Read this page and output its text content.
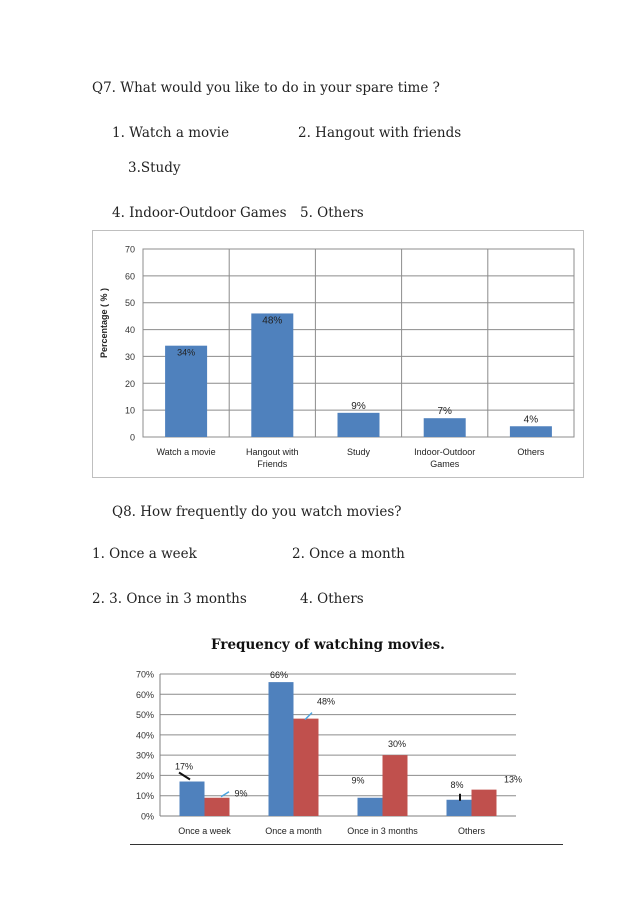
Q7. What would you like to do in your spare time ?
1. Watch a movie	2. Hangout with friends
3.Study
4. Indoor-Outdoor Games 5. Others
0
10
20
30
40
50
60
70
Percentage ( % )	34%
Watch a movie
48%
Hangout with
Friends
9%
Study
7%
Indoor-Outdoor
Games
4%
Others
Q8. How frequently do you watch movies?
1. Once a week	2. Once a month
2. 3. Once in 3 months	4. Others
Frequency of watching movies.
0%
10%
20%
30%
40%
50%
60%
70%
Once a week	Once a month	Once in 3 months	Others
17%
66%
9%	8%
9%
48%
30%
13%
